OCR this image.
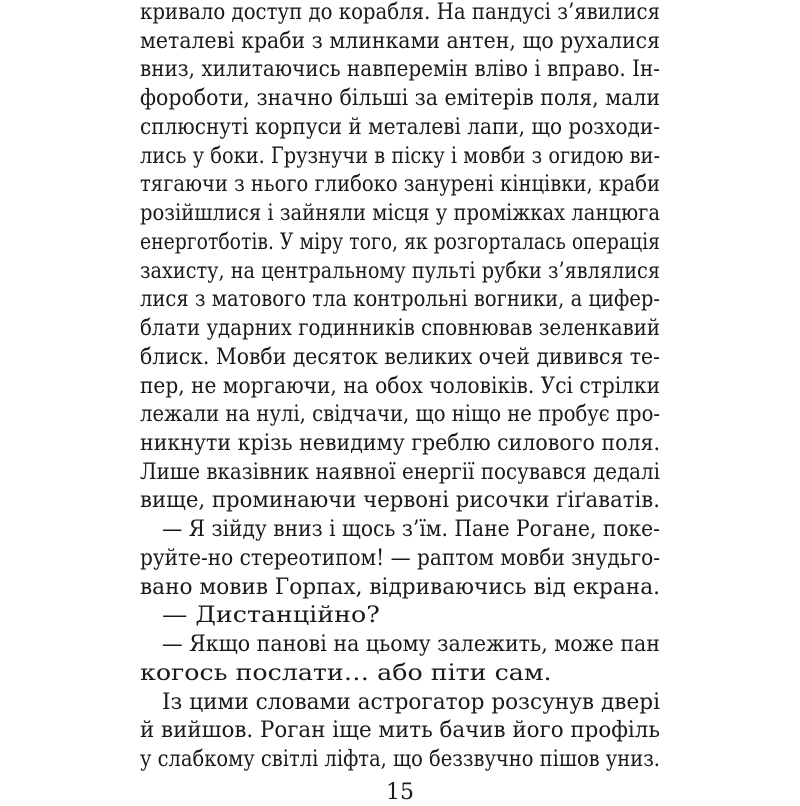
кривало доступ до корабля. На пандусі з’явилися
металеві краби з млинками антен, що рухалися
вниз, хилитаючись навперемін вліво і вправо. Ін-
фороботи, значно більші за емітерів поля, мали
сплюснуті корпуси й металеві лапи, що розходи-
лись у боки. Грузнучи в піску і мовби з огидою ви-
тягаючи з нього глибоко занурені кінцівки, краби
розійшлися і зайняли місця у проміжках ланцюга
енерготботів. У міру того, як розгорталась операція
захисту, на центральному пульті рубки з’являлися
лися з матового тла контрольні вогники, а цифер-
блати ударних годинників сповнював зеленкавий
блиск. Мовби десяток великих очей дивився те-
пер, не моргаючи, на обох чоловіків. Усі стрілки
лежали на нулі, свідчачи, що ніщо не пробує про-
никнути крізь невидиму греблю силового поля.
Лише вказівник наявної енергії посувався дедалі
вище, проминаючи червоні рисочки ґіґаватів.
— Я зійду вниз і щось з’їм. Пане Рогане, поке-
руйте-но стереотипом! — раптом мовби знудьго-
вано мовив Горпах, відриваючись від екрана.
— Дистанційно?
— Якщо панові на цьому залежить, може пан
когось послати… або піти сам.
Із цими словами астрогатор розсунув двері
й вийшов. Роган іще мить бачив його профіль
у слабкому світлі ліфта, що беззвучно пішов униз.
15
